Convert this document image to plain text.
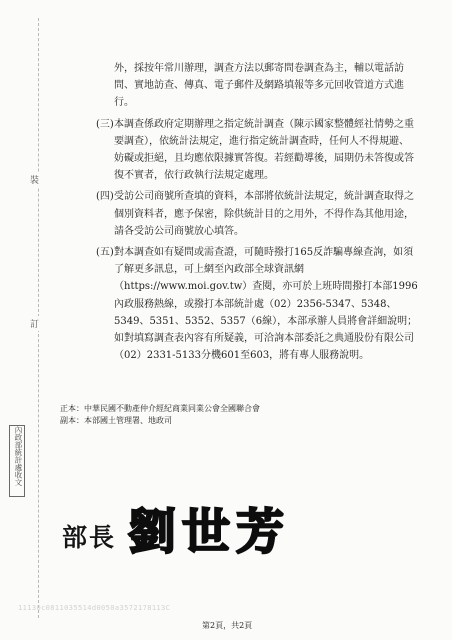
裝
訂
外，採按年常川辦理，調查方法以郵寄問卷調查為主，輔以電話訪問、實地訪查、傳真、電子郵件及網路填報等多元回收管道方式進行。
(三) 本調查係政府定期辦理之指定統計調查（陳示國家整體經社情勢之重要調查），依統計法規定，進行指定統計調查時，任何人不得規避、妨礙或拒絕，且均應依限據實答復。若經勸導後，屆期仍未答復或答復不實者，依行政執行法規定處理。
(四) 受訪公司商號所查填的資料，本部將依統計法規定，統計調查取得之個別資料者，應予保密，除供統計目的之用外，不得作為其他用途，請各受訪公司商號放心填答。
(五) 對本調查如有疑問或需查證，可隨時撥打165反詐騙專線查詢，如須了解更多訊息，可上網至內政部全球資訊網（https://www.moi.gov.tw）查閱，亦可於上班時間撥打本部1996內政服務熱線，或撥打本部統計處（02）2356-5347、5348、5349、5351、5352、5357（6線），本部承辦人員將會詳細說明；如對填寫調查表內容有所疑義，可洽詢本部委託之典通股份有限公司（02）2331-5133分機601至603，將有專人服務說明。
正本：中華民國不動產仲介經紀商業同業公會全國聯合會
副本：本部國土管理署、地政司
內政部統計處收文
部長 劉世芳
11130c0811035514d0050a3572178113C
第2頁，共2頁
